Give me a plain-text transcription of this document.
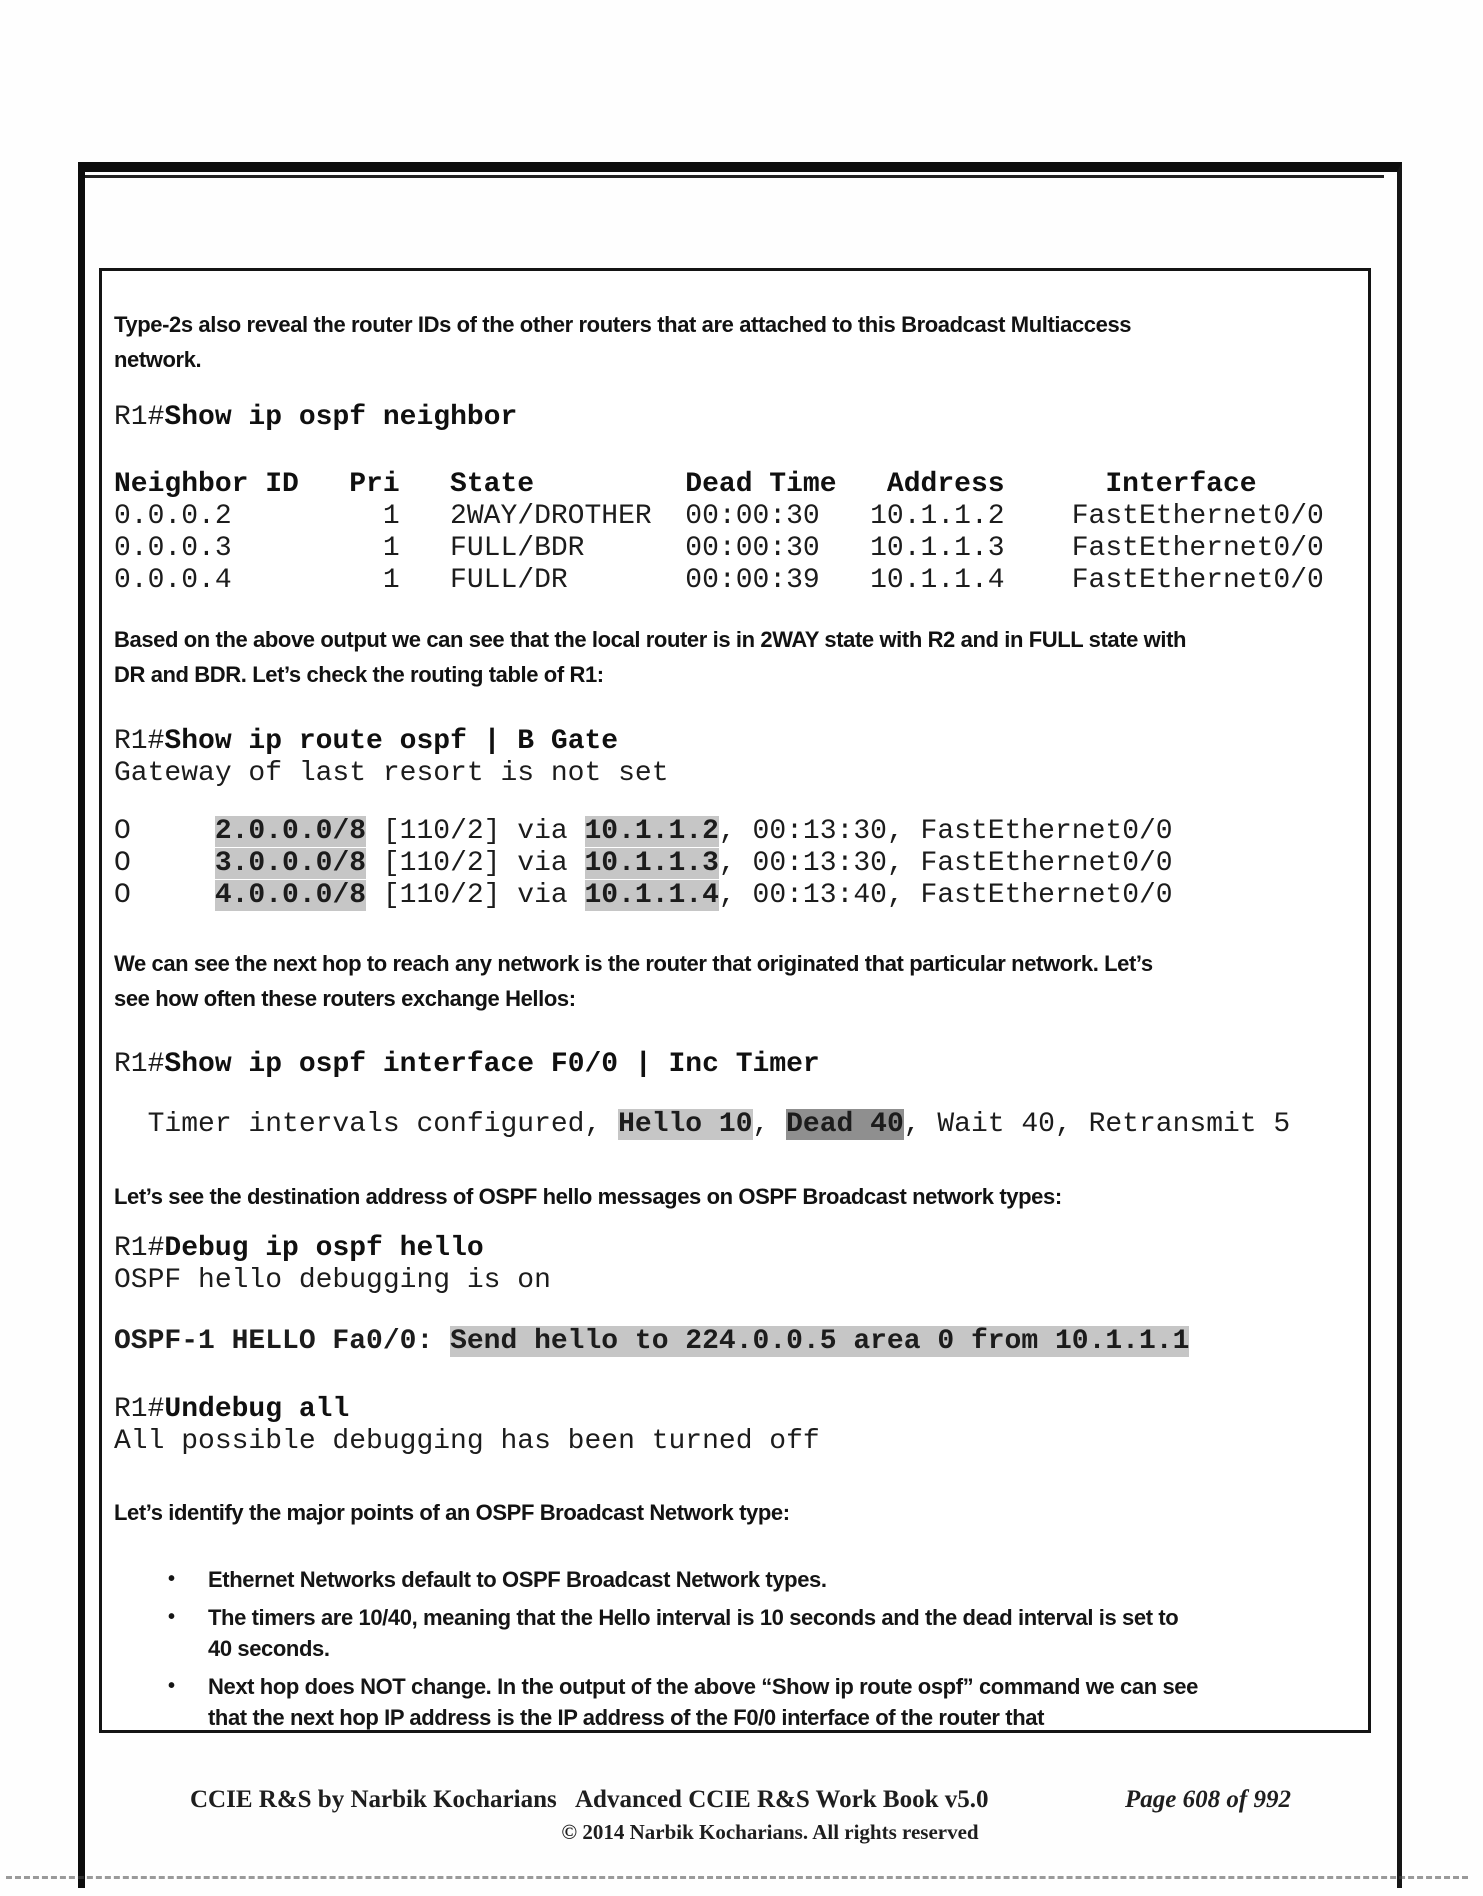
Type-2s also reveal the router IDs of the other routers that are attached to this Broadcast Multiaccess
network.
R1#Show ip ospf neighbor
Neighbor ID   Pri   State         Dead Time   Address      Interface
0.0.0.2         1   2WAY/DROTHER  00:00:30   10.1.1.2    FastEthernet0/0
0.0.0.3         1   FULL/BDR      00:00:30   10.1.1.3    FastEthernet0/0
0.0.0.4         1   FULL/DR       00:00:39   10.1.1.4    FastEthernet0/0
Based on the above output we can see that the local router is in 2WAY state with R2 and in FULL state with
DR and BDR. Let’s check the routing table of R1:
R1#Show ip route ospf | B Gate
Gateway of last resort is not set
O     2.0.0.0/8 [110/2] via 10.1.1.2, 00:13:30, FastEthernet0/0
O     3.0.0.0/8 [110/2] via 10.1.1.3, 00:13:30, FastEthernet0/0
O     4.0.0.0/8 [110/2] via 10.1.1.4, 00:13:40, FastEthernet0/0
We can see the next hop to reach any network is the router that originated that particular network. Let’s
see how often these routers exchange Hellos:
R1#Show ip ospf interface F0/0 | Inc Timer
Timer intervals configured, Hello 10, Dead 40, Wait 40, Retransmit 5
Let’s see the destination address of OSPF hello messages on OSPF Broadcast network types:
R1#Debug ip ospf hello
OSPF hello debugging is on
OSPF-1 HELLO Fa0/0: Send hello to 224.0.0.5 area 0 from 10.1.1.1
R1#Undebug all
All possible debugging has been turned off
Let’s identify the major points of an OSPF Broadcast Network type:
•	Ethernet Networks default to OSPF Broadcast Network types.
•	The timers are 10/40, meaning that the Hello interval is 10 seconds and the dead interval is set to
40 seconds.
•	Next hop does NOT change. In the output of the above “Show ip route ospf” command we can see
that the next hop IP address is the IP address of the F0/0 interface of the router that
CCIE R&S by Narbik Kocharians Advanced CCIE R&S Work Book v5.0	Page 608 of 992
© 2014 Narbik Kocharians. All rights reserved
